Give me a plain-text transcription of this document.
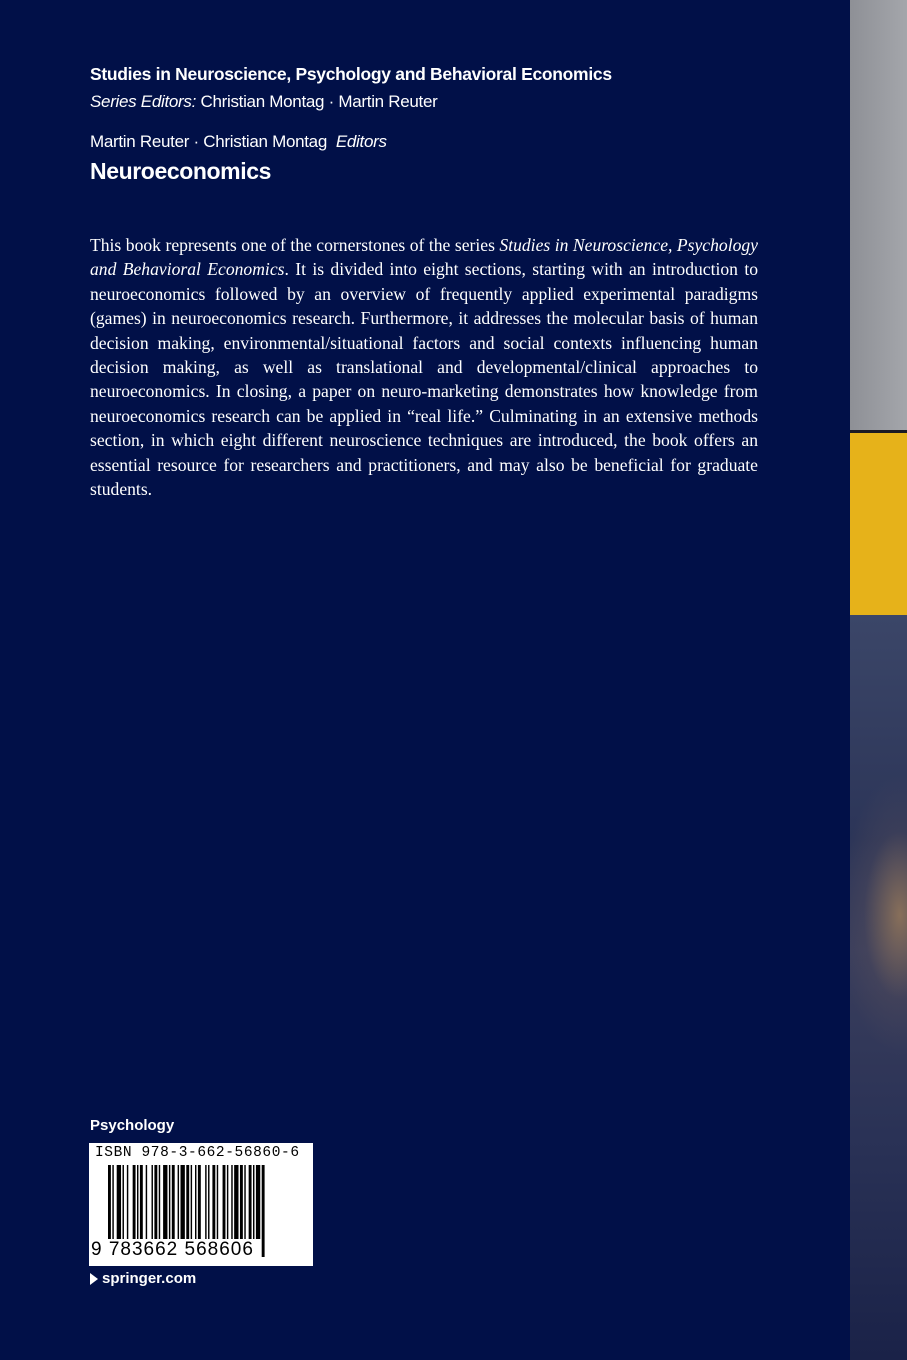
Studies in Neuroscience, Psychology and Behavioral Economics
Series Editors: Christian Montag · Martin Reuter
Martin Reuter · Christian Montag Editors
Neuroeconomics
This book represents one of the cornerstones of the series Studies in Neuroscience, Psychology and Behavioral Economics. It is divided into eight sections, starting with an introduction to neuroeconomics followed by an overview of frequently applied experimental paradigms (games) in neuroeconomics research. Furthermore, it addresses the molecular basis of human decision making, environmental/situational factors and social contexts influencing human decision making, as well as translational and developmental/clinical approaches to neuroeconomics. In closing, a paper on neuro-marketing demonstrates how knowledge from neuroeconomics research can be applied in “real life.” Culminating in an extensive methods section, in which eight different neuroscience techniques are introduced, the book offers an essential resource for researchers and practitioners, and may also be beneficial for graduate students.
Psychology
ISBN 978-3-662-56860-6
9 783662 568606
springer.com
